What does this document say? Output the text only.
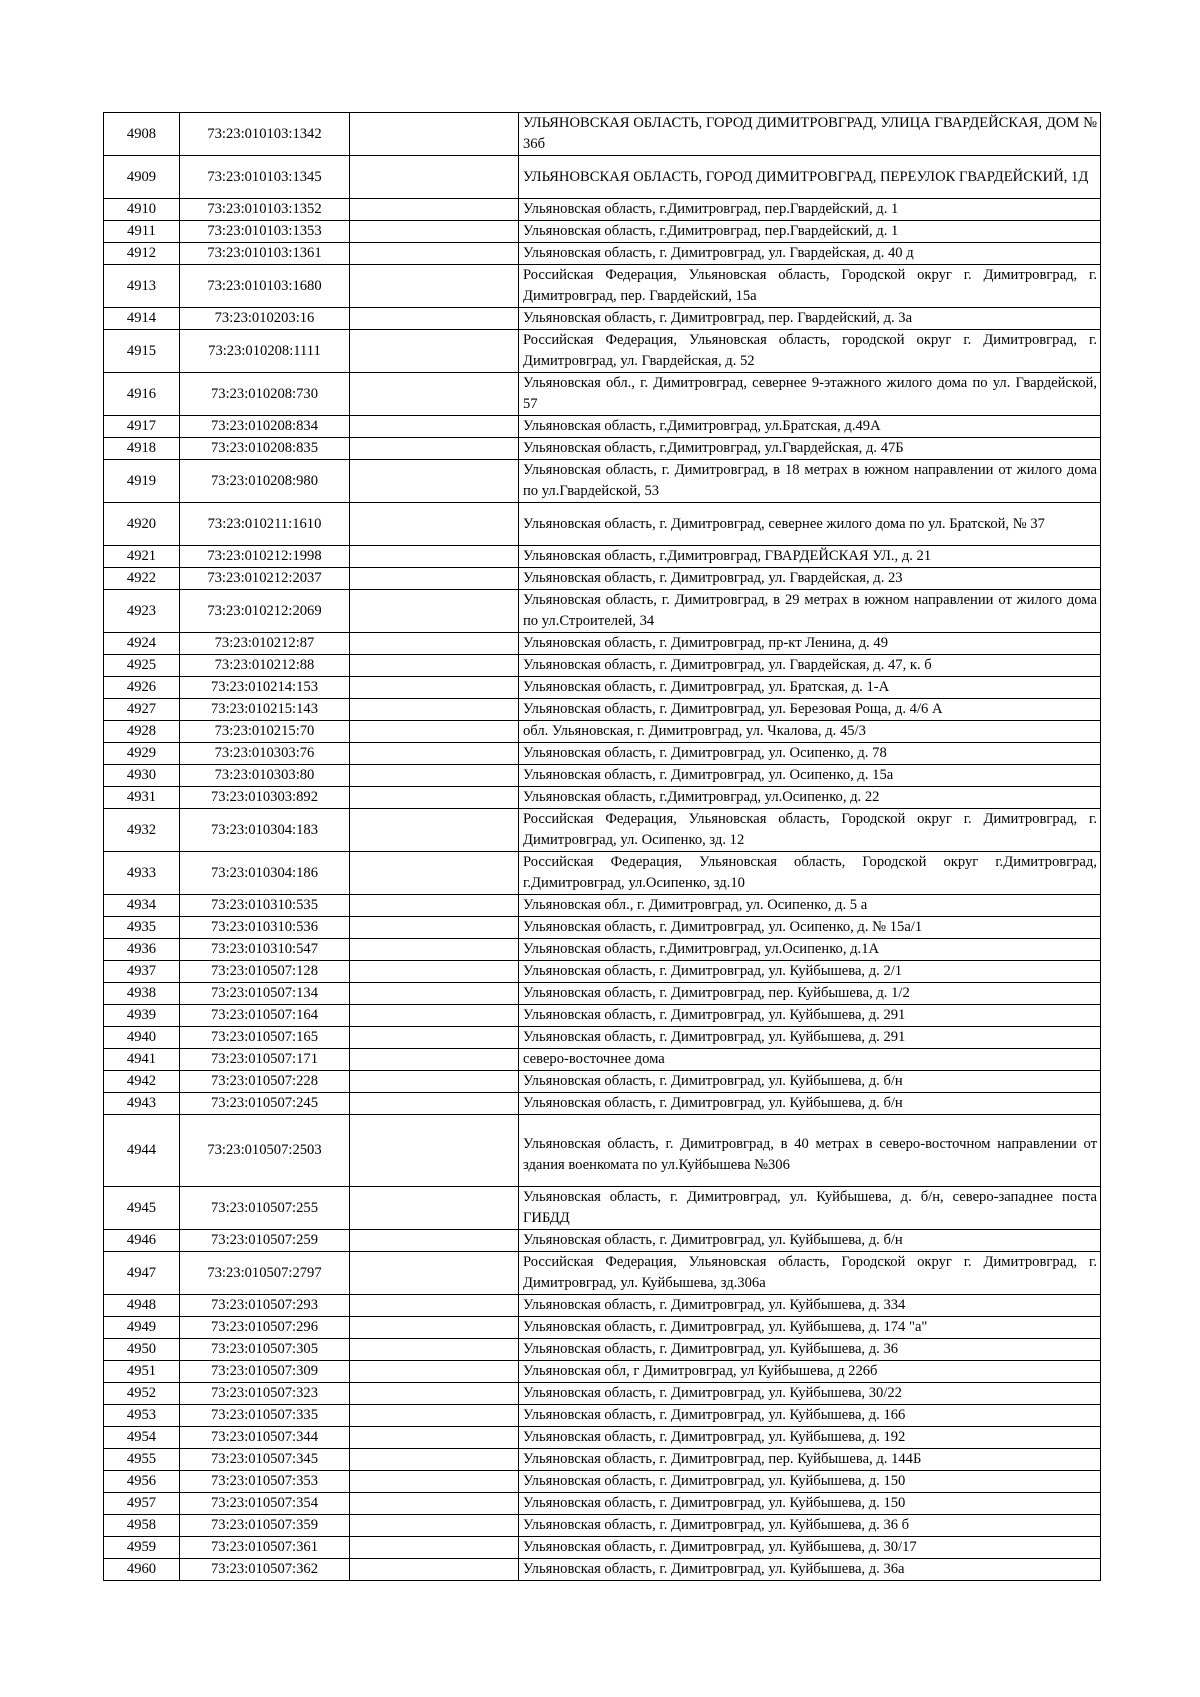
4908	73:23:010103:1342		УЛЬЯНОВСКАЯ ОБЛАСТЬ, ГОРОД ДИМИТРОВГРАД, УЛИЦА ГВАРДЕЙСКАЯ, ДОМ № 36б
4909	73:23:010103:1345		УЛЬЯНОВСКАЯ ОБЛАСТЬ, ГОРОД ДИМИТРОВГРАД, ПЕРЕУЛОК ГВАРДЕЙСКИЙ, 1Д
4910	73:23:010103:1352		Ульяновская область, г.Димитровград, пер.Гвардейский, д. 1
4911	73:23:010103:1353		Ульяновская область, г.Димитровград, пер.Гвардейский, д. 1
4912	73:23:010103:1361		Ульяновская область, г. Димитровград, ул. Гвардейская, д. 40 д
4913	73:23:010103:1680		Российская Федерация, Ульяновская область, Городской округ г. Димитровград, г. Димитровград, пер. Гвардейский, 15а
4914	73:23:010203:16		Ульяновская область, г. Димитровград, пер. Гвардейский, д. 3а
4915	73:23:010208:1111		Российская Федерация, Ульяновская область, городской округ г. Димитровград, г. Димитровград, ул. Гвардейская, д. 52
4916	73:23:010208:730		Ульяновская обл., г. Димитровград, севернее 9-этажного жилого дома по ул. Гвардейской, 57
4917	73:23:010208:834		Ульяновская область, г.Димитровград, ул.Братская, д.49А
4918	73:23:010208:835		Ульяновская область, г.Димитровград, ул.Гвардейская, д. 47Б
4919	73:23:010208:980		Ульяновская область, г. Димитровград, в 18 метрах в южном направлении от жилого дома по ул.Гвардейской, 53
4920	73:23:010211:1610		Ульяновская область, г. Димитровград, севернее жилого дома по ул. Братской, № 37
4921	73:23:010212:1998		Ульяновская область, г.Димитровград, ГВАРДЕЙСКАЯ УЛ., д. 21
4922	73:23:010212:2037		Ульяновская область, г. Димитровград, ул. Гвардейская, д. 23
4923	73:23:010212:2069		Ульяновская область, г. Димитровград, в 29 метрах в южном направлении от жилого дома по ул.Строителей, 34
4924	73:23:010212:87		Ульяновская область, г. Димитровград, пр-кт Ленина, д. 49
4925	73:23:010212:88		Ульяновская область, г. Димитровград, ул. Гвардейская, д. 47, к. б
4926	73:23:010214:153		Ульяновская область, г. Димитровград, ул. Братская, д. 1-А
4927	73:23:010215:143		Ульяновская область, г. Димитровград, ул. Березовая Роща, д. 4/6 А
4928	73:23:010215:70		обл. Ульяновская, г. Димитровград, ул. Чкалова, д. 45/3
4929	73:23:010303:76		Ульяновская область, г. Димитровград, ул. Осипенко, д. 78
4930	73:23:010303:80		Ульяновская область, г. Димитровград, ул. Осипенко, д. 15а
4931	73:23:010303:892		Ульяновская область, г.Димитровград, ул.Осипенко, д. 22
4932	73:23:010304:183		Российская Федерация, Ульяновская область, Городской округ г. Димитровград, г. Димитровград, ул. Осипенко, зд. 12
4933	73:23:010304:186		Российская Федерация, Ульяновская область, Городской округ г.Димитровград, г.Димитровград, ул.Осипенко, зд.10
4934	73:23:010310:535		Ульяновская обл., г. Димитровград, ул. Осипенко, д. 5 а
4935	73:23:010310:536		Ульяновская область, г. Димитровград, ул. Осипенко, д. № 15а/1
4936	73:23:010310:547		Ульяновская область, г.Димитровград, ул.Осипенко, д.1А
4937	73:23:010507:128		Ульяновская область, г. Димитровград, ул. Куйбышева, д. 2/1
4938	73:23:010507:134		Ульяновская область, г. Димитровград, пер. Куйбышева, д. 1/2
4939	73:23:010507:164		Ульяновская область, г. Димитровград, ул. Куйбышева, д. 291
4940	73:23:010507:165		Ульяновская область, г. Димитровград, ул. Куйбышева, д. 291
4941	73:23:010507:171		северо-восточнее дома
4942	73:23:010507:228		Ульяновская область, г. Димитровград, ул. Куйбышева, д. б/н
4943	73:23:010507:245		Ульяновская область, г. Димитровград, ул. Куйбышева, д. б/н
4944	73:23:010507:2503		Ульяновская область, г. Димитровград, в 40 метрах в северо-восточном направлении от здания военкомата по ул.Куйбышева №306
4945	73:23:010507:255		Ульяновская область, г. Димитровград, ул. Куйбышева, д. б/н, северо-западнее поста ГИБДД
4946	73:23:010507:259		Ульяновская область, г. Димитровград, ул. Куйбышева, д. б/н
4947	73:23:010507:2797		Российская Федерация, Ульяновская область, Городской округ г. Димитровград, г. Димитровград, ул. Куйбышева, зд.306а
4948	73:23:010507:293		Ульяновская область, г. Димитровград, ул. Куйбышева, д. 334
4949	73:23:010507:296		Ульяновская область, г. Димитровград, ул. Куйбышева, д. 174 "а"
4950	73:23:010507:305		Ульяновская область, г. Димитровград, ул. Куйбышева, д. 36
4951	73:23:010507:309		Ульяновская обл, г Димитровград, ул Куйбышева, д 226б
4952	73:23:010507:323		Ульяновская область, г. Димитровград, ул. Куйбышева, 30/22
4953	73:23:010507:335		Ульяновская область, г. Димитровград, ул. Куйбышева, д. 166
4954	73:23:010507:344		Ульяновская область, г. Димитровград, ул. Куйбышева, д. 192
4955	73:23:010507:345		Ульяновская область, г. Димитровград, пер. Куйбышева, д. 144Б
4956	73:23:010507:353		Ульяновская область, г. Димитровград, ул. Куйбышева, д. 150
4957	73:23:010507:354		Ульяновская область, г. Димитровград, ул. Куйбышева, д. 150
4958	73:23:010507:359		Ульяновская область, г. Димитровград, ул. Куйбышева, д. 36 б
4959	73:23:010507:361		Ульяновская область, г. Димитровград, ул. Куйбышева, д. 30/17
4960	73:23:010507:362		Ульяновская область, г. Димитровград, ул. Куйбышева, д. 36а
